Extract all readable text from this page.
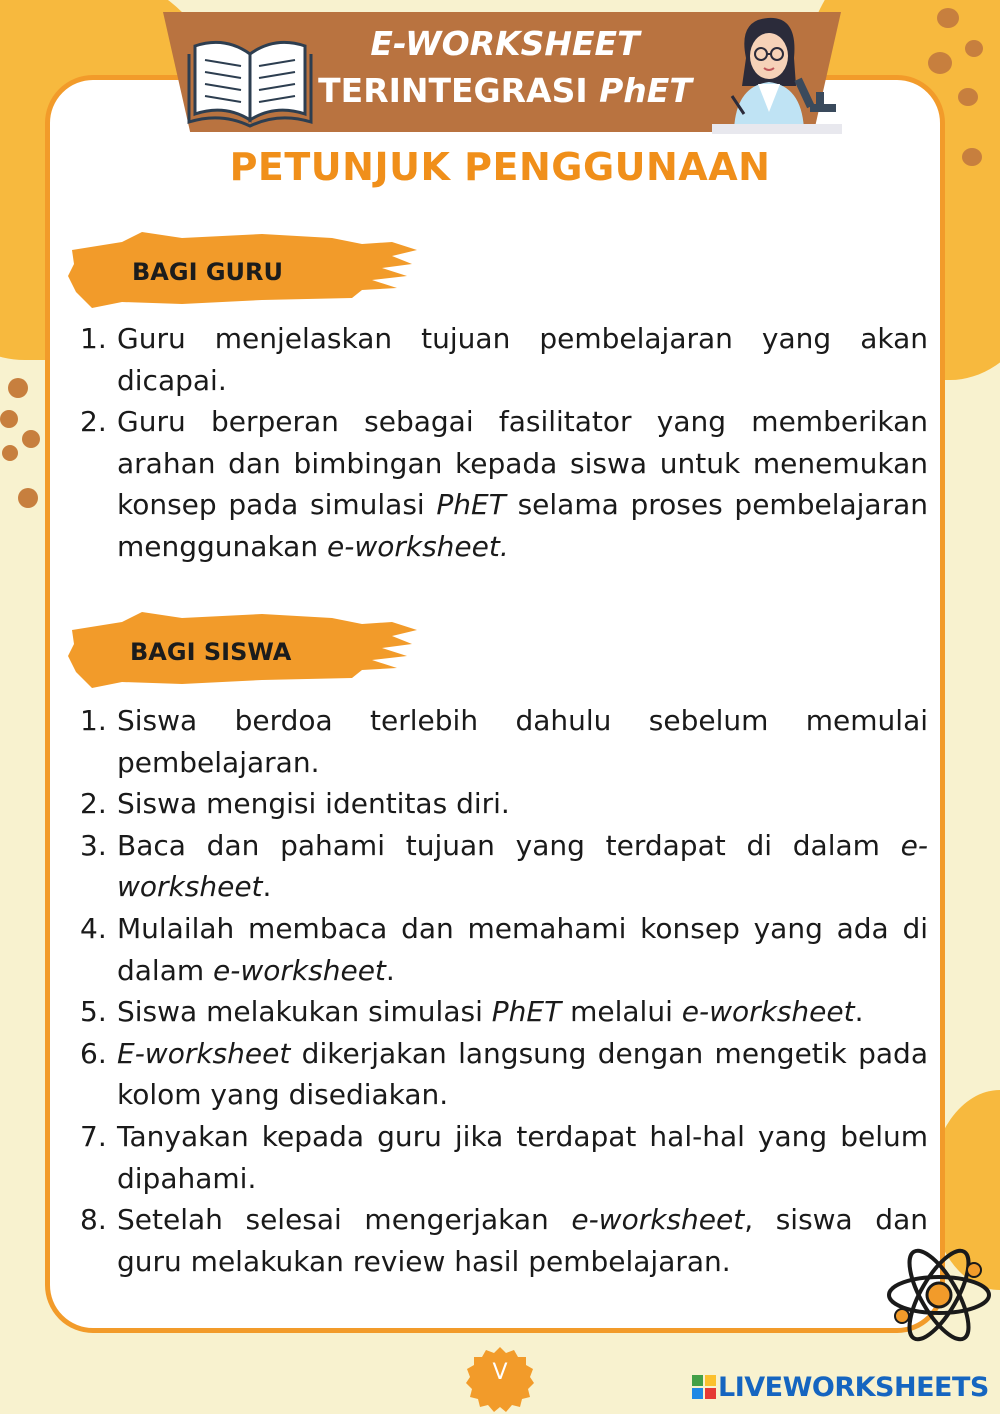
E-WORKSHEET
TERINTEGRASI PhET
PETUNJUK PENGGUNAAN
BAGI GURU
1. Guru menjelaskan tujuan pembelajaran yang akan dicapai.
2. Guru berperan sebagai fasilitator yang memberikan arahan dan bimbingan kepada siswa untuk menemukan konsep pada simulasi PhET selama proses pembelajaran menggunakan e-worksheet.
BAGI SISWA
1. Siswa berdoa terlebih dahulu sebelum memulai pembelajaran.
2. Siswa mengisi identitas diri.
3. Baca dan pahami tujuan yang terdapat di dalam e-worksheet.
4. Mulailah membaca dan memahami konsep yang ada di dalam e-worksheet.
5. Siswa melakukan simulasi PhET melalui e-worksheet.
6. E-worksheet dikerjakan langsung dengan mengetik pada kolom yang disediakan.
7. Tanyakan kepada guru jika terdapat hal-hal yang belum dipahami.
8. Setelah selesai mengerjakan e-worksheet, siswa dan guru melakukan review hasil pembelajaran.
V	LIVEWORKSHEETS
